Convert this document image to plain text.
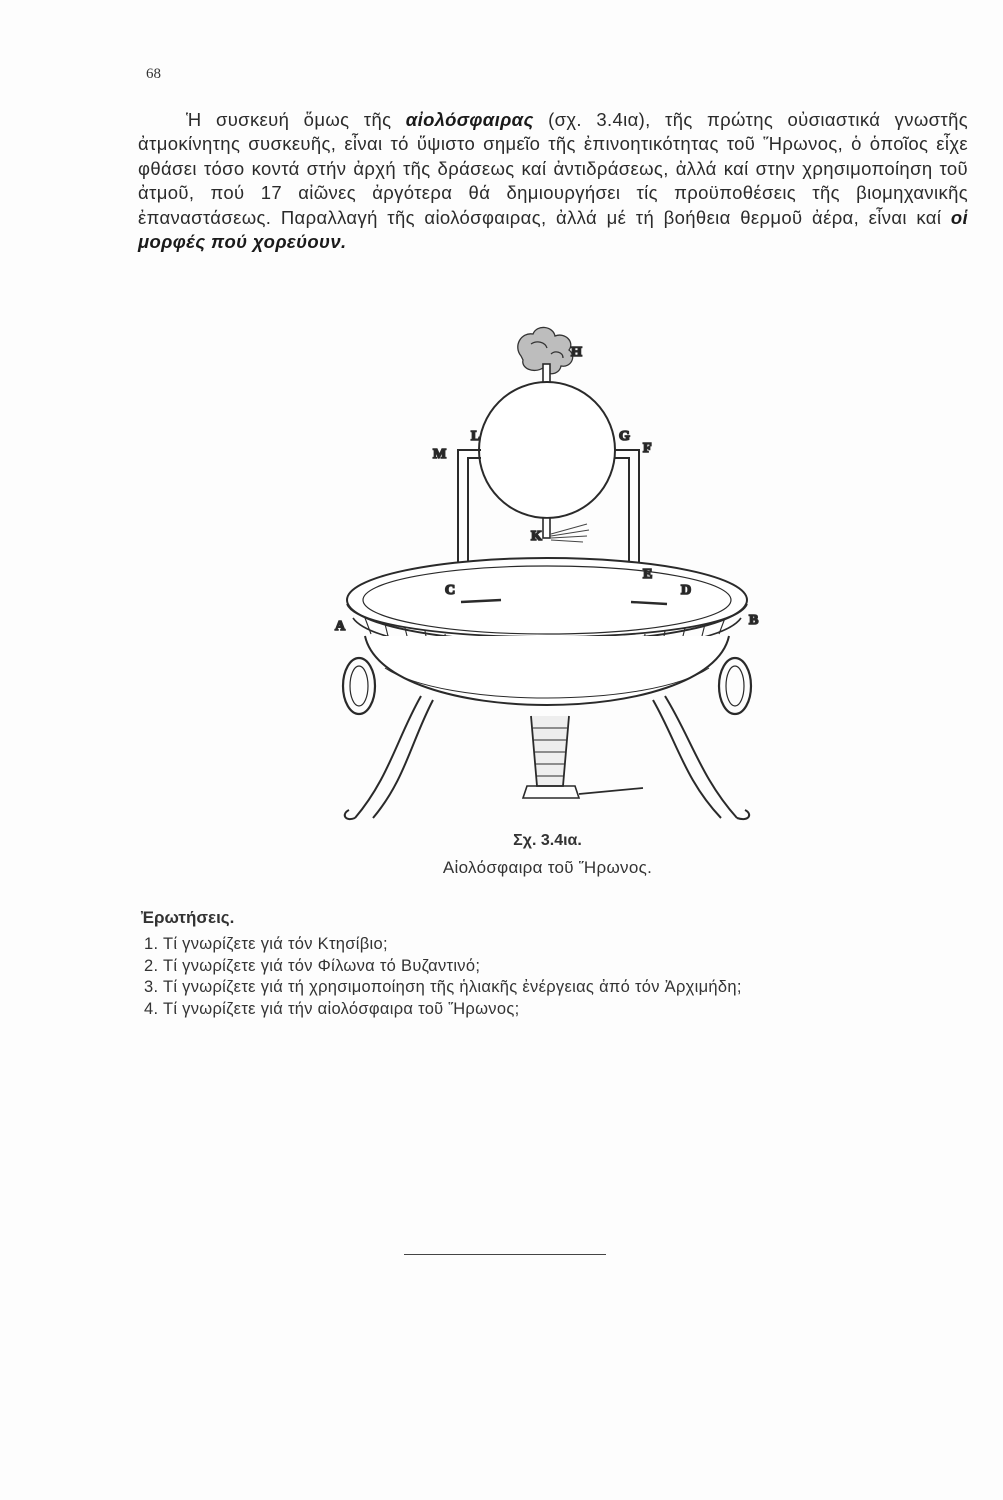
68

Ἡ συσκευή ὅμως τῆς αἰολόσφαιρας (σχ. 3.4ια), τῆς πρώτης οὐσιαστικά γνωστῆς ἀτμοκίνητης συσκευῆς, εἶναι τό ὕψιστο σημεῖο τῆς ἐπινοητικότητας τοῦ Ἥρωνος, ὁ ὁποῖος εἶχε φθάσει τόσο κοντά στήν ἀρχή τῆς δράσεως καί ἀντιδράσεως, ἀλλά καί στην χρησιμοποίηση τοῦ ἀτμοῦ, πού 17 αἰῶνες ἀργότερα θά δημιουργήσει τίς προϋποθέσεις τῆς βιομηχανικῆς ἐπαναστάσεως. Παραλλαγή τῆς αἰολόσφαιρας, ἀλλά μέ τή βοήθεια θερμοῦ ἀέρα, εἶναι καί οἱ μορφές πού χορεύουν.

H
L	G
M	F
K
C
E
D
A	B
Σχ. 3.4ια.
Αἰολόσφαιρα τοῦ Ἥρωνος.
Ἐρωτήσεις.
1. Τί γνωρίζετε γιά τόν Κτησίβιο;
2. Τί γνωρίζετε γιά τόν Φίλωνα τό Βυζαντινό;
3. Τί γνωρίζετε γιά τή χρησιμοποίηση τῆς ἡλιακῆς ἐνέργειας ἀπό τόν Ἀρχιμήδη;
4. Τί γνωρίζετε γιά τήν αἰολόσφαιρα τοῦ Ἥρωνος;
